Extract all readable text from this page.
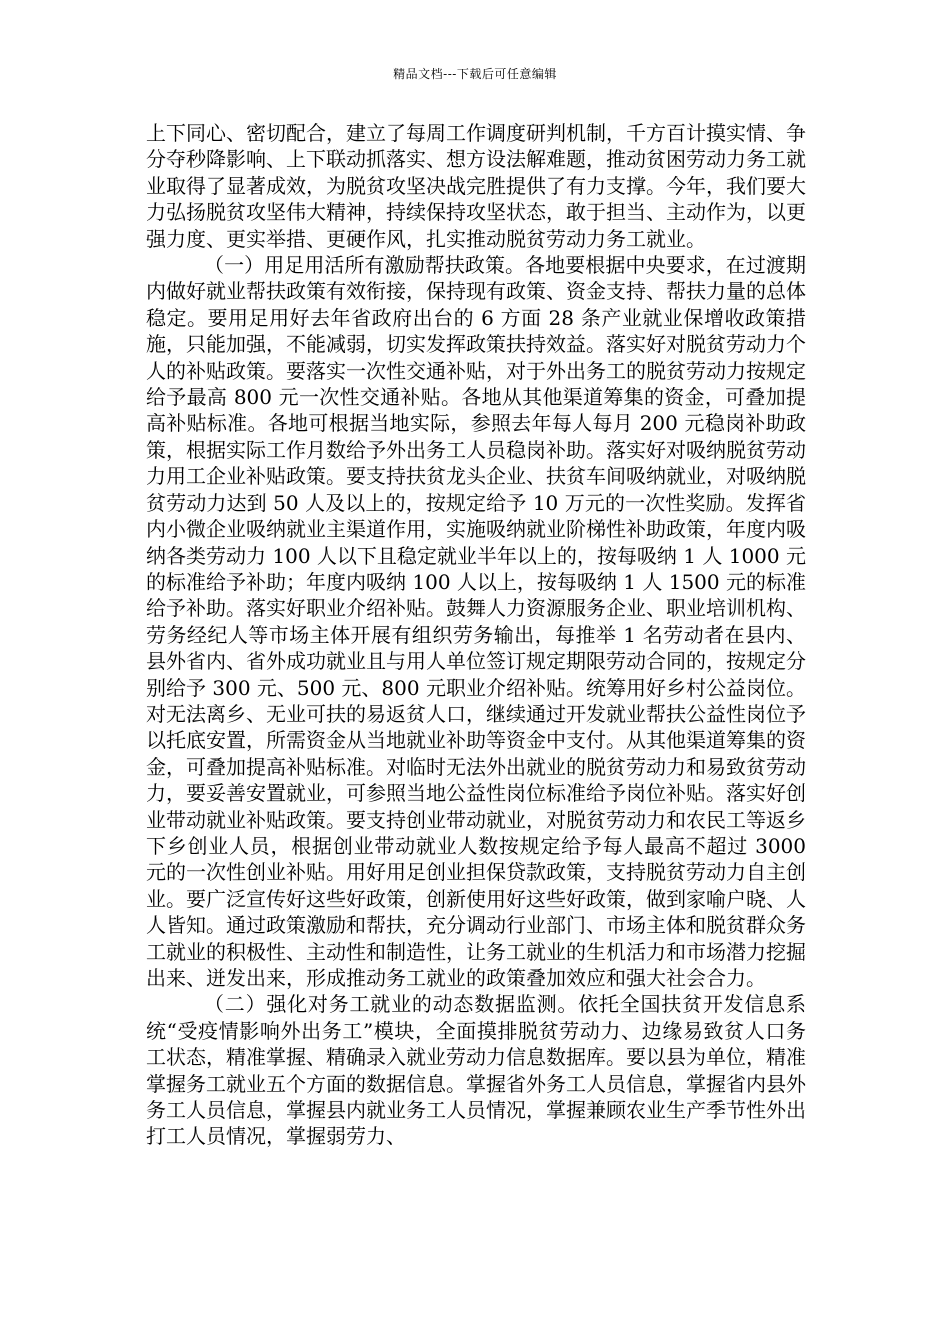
精品文档---下载后可任意编辑

上下同心、密切配合，建立了每周工作调度研判机制，千方百计摸实情、争分夺秒降影响、上下联动抓落实、想方设法解难题，推动贫困劳动力务工就业取得了显著成效，为脱贫攻坚决战完胜提供了有力支撑。今年，我们要大力弘扬脱贫攻坚伟大精神，持续保持攻坚状态，敢于担当、主动作为，以更强力度、更实举措、更硬作风，扎实推动脱贫劳动力务工就业。

（一）用足用活所有激励帮扶政策。各地要根据中央要求，在过渡期内做好就业帮扶政策有效衔接，保持现有政策、资金支持、帮扶力量的总体稳定。要用足用好去年省政府出台的 6 方面 28 条产业就业保增收政策措施，只能加强，不能减弱，切实发挥政策扶持效益。落实好对脱贫劳动力个人的补贴政策。要落实一次性交通补贴，对于外出务工的脱贫劳动力按规定给予最高 800 元一次性交通补贴。各地从其他渠道筹集的资金，可叠加提高补贴标准。各地可根据当地实际，参照去年每人每月 200 元稳岗补助政策，根据实际工作月数给予外出务工人员稳岗补助。落实好对吸纳脱贫劳动力用工企业补贴政策。要支持扶贫龙头企业、扶贫车间吸纳就业，对吸纳脱贫劳动力达到 50 人及以上的，按规定给予 10 万元的一次性奖励。发挥省内小微企业吸纳就业主渠道作用，实施吸纳就业阶梯性补助政策，年度内吸纳各类劳动力 100 人以下且稳定就业半年以上的，按每吸纳 1 人 1000 元的标准给予补助；年度内吸纳 100 人以上，按每吸纳 1 人 1500 元的标准给予补助。落实好职业介绍补贴。鼓舞人力资源服务企业、职业培训机构、劳务经纪人等市场主体开展有组织劳务输出，每推举 1 名劳动者在县内、县外省内、省外成功就业且与用人单位签订规定期限劳动合同的，按规定分别给予 300 元、500 元、800 元职业介绍补贴。统筹用好乡村公益岗位。对无法离乡、无业可扶的易返贫人口，继续通过开发就业帮扶公益性岗位予以托底安置，所需资金从当地就业补助等资金中支付。从其他渠道筹集的资金，可叠加提高补贴标准。对临时无法外出就业的脱贫劳动力和易致贫劳动力，要妥善安置就业，可参照当地公益性岗位标准给予岗位补贴。落实好创业带动就业补贴政策。要支持创业带动就业，对脱贫劳动力和农民工等返乡下乡创业人员，根据创业带动就业人数按规定给予每人最高不超过 3000 元的一次性创业补贴。用好用足创业担保贷款政策，支持脱贫劳动力自主创业。要广泛宣传好这些好政策，创新使用好这些好政策，做到家喻户晓、人人皆知。通过政策激励和帮扶，充分调动行业部门、市场主体和脱贫群众务工就业的积极性、主动性和制造性，让务工就业的生机活力和市场潜力挖掘出来、迸发出来，形成推动务工就业的政策叠加效应和强大社会合力。

（二）强化对务工就业的动态数据监测。依托全国扶贫开发信息系统“受疫情影响外出务工”模块，全面摸排脱贫劳动力、边缘易致贫人口务工状态，精准掌握、精确录入就业劳动力信息数据库。要以县为单位，精准掌握务工就业五个方面的数据信息。掌握省外务工人员信息，掌握省内县外务工人员信息，掌握县内就业务工人员情况，掌握兼顾农业生产季节性外出打工人员情况，掌握弱劳力、
